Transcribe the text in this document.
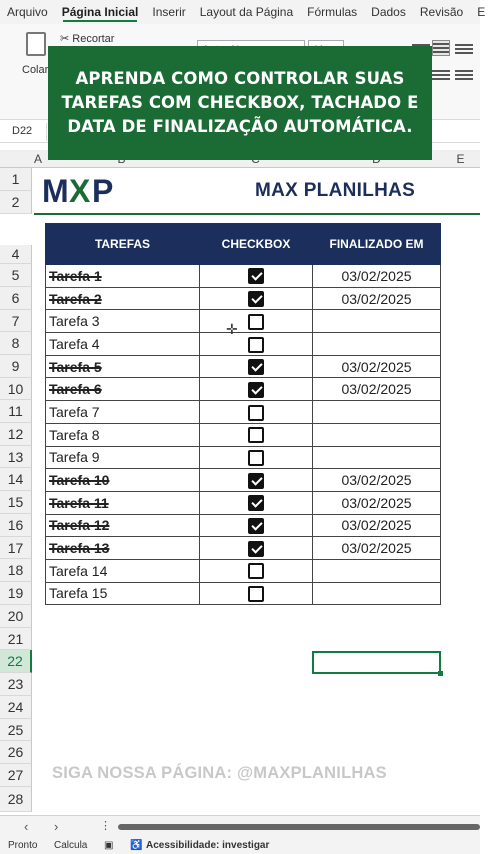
Arquivo	Página Inicial	Inserir	Layout da Página	Fórmulas	Dados	Revisão	E
Colar
✂ Recortar
D22
A	E
1
2
4
5
6
7
8
9
10
11
12
13
14
15
16
17
18
19
20
21
22
23
24
25
26
27
28
M X P	MAX PLANILHAS
TAREFAS	CHECKBOX	FINALIZADO EM
Tarefa 1		03/02/2025
Tarefa 2		03/02/2025
Tarefa 3		
Tarefa 4		
Tarefa 5		03/02/2025
Tarefa 6		03/02/2025
Tarefa 7		
Tarefa 8		
Tarefa 9		
Tarefa 10		03/02/2025
Tarefa 11		03/02/2025
Tarefa 12		03/02/2025
Tarefa 13		03/02/2025
Tarefa 14		
Tarefa 15		
✛
APRENDA COMO CONTROLAR SUAS TAREFAS COM CHECKBOX, TACHADO E DATA DE FINALIZAÇÃO AUTOMÁTICA.
SIGA NOSSA PÁGINA: @MAXPLANILHAS
‹ ›	⋮
Pronto Calcula ▣ ♿ Acessibilidade: investigar
